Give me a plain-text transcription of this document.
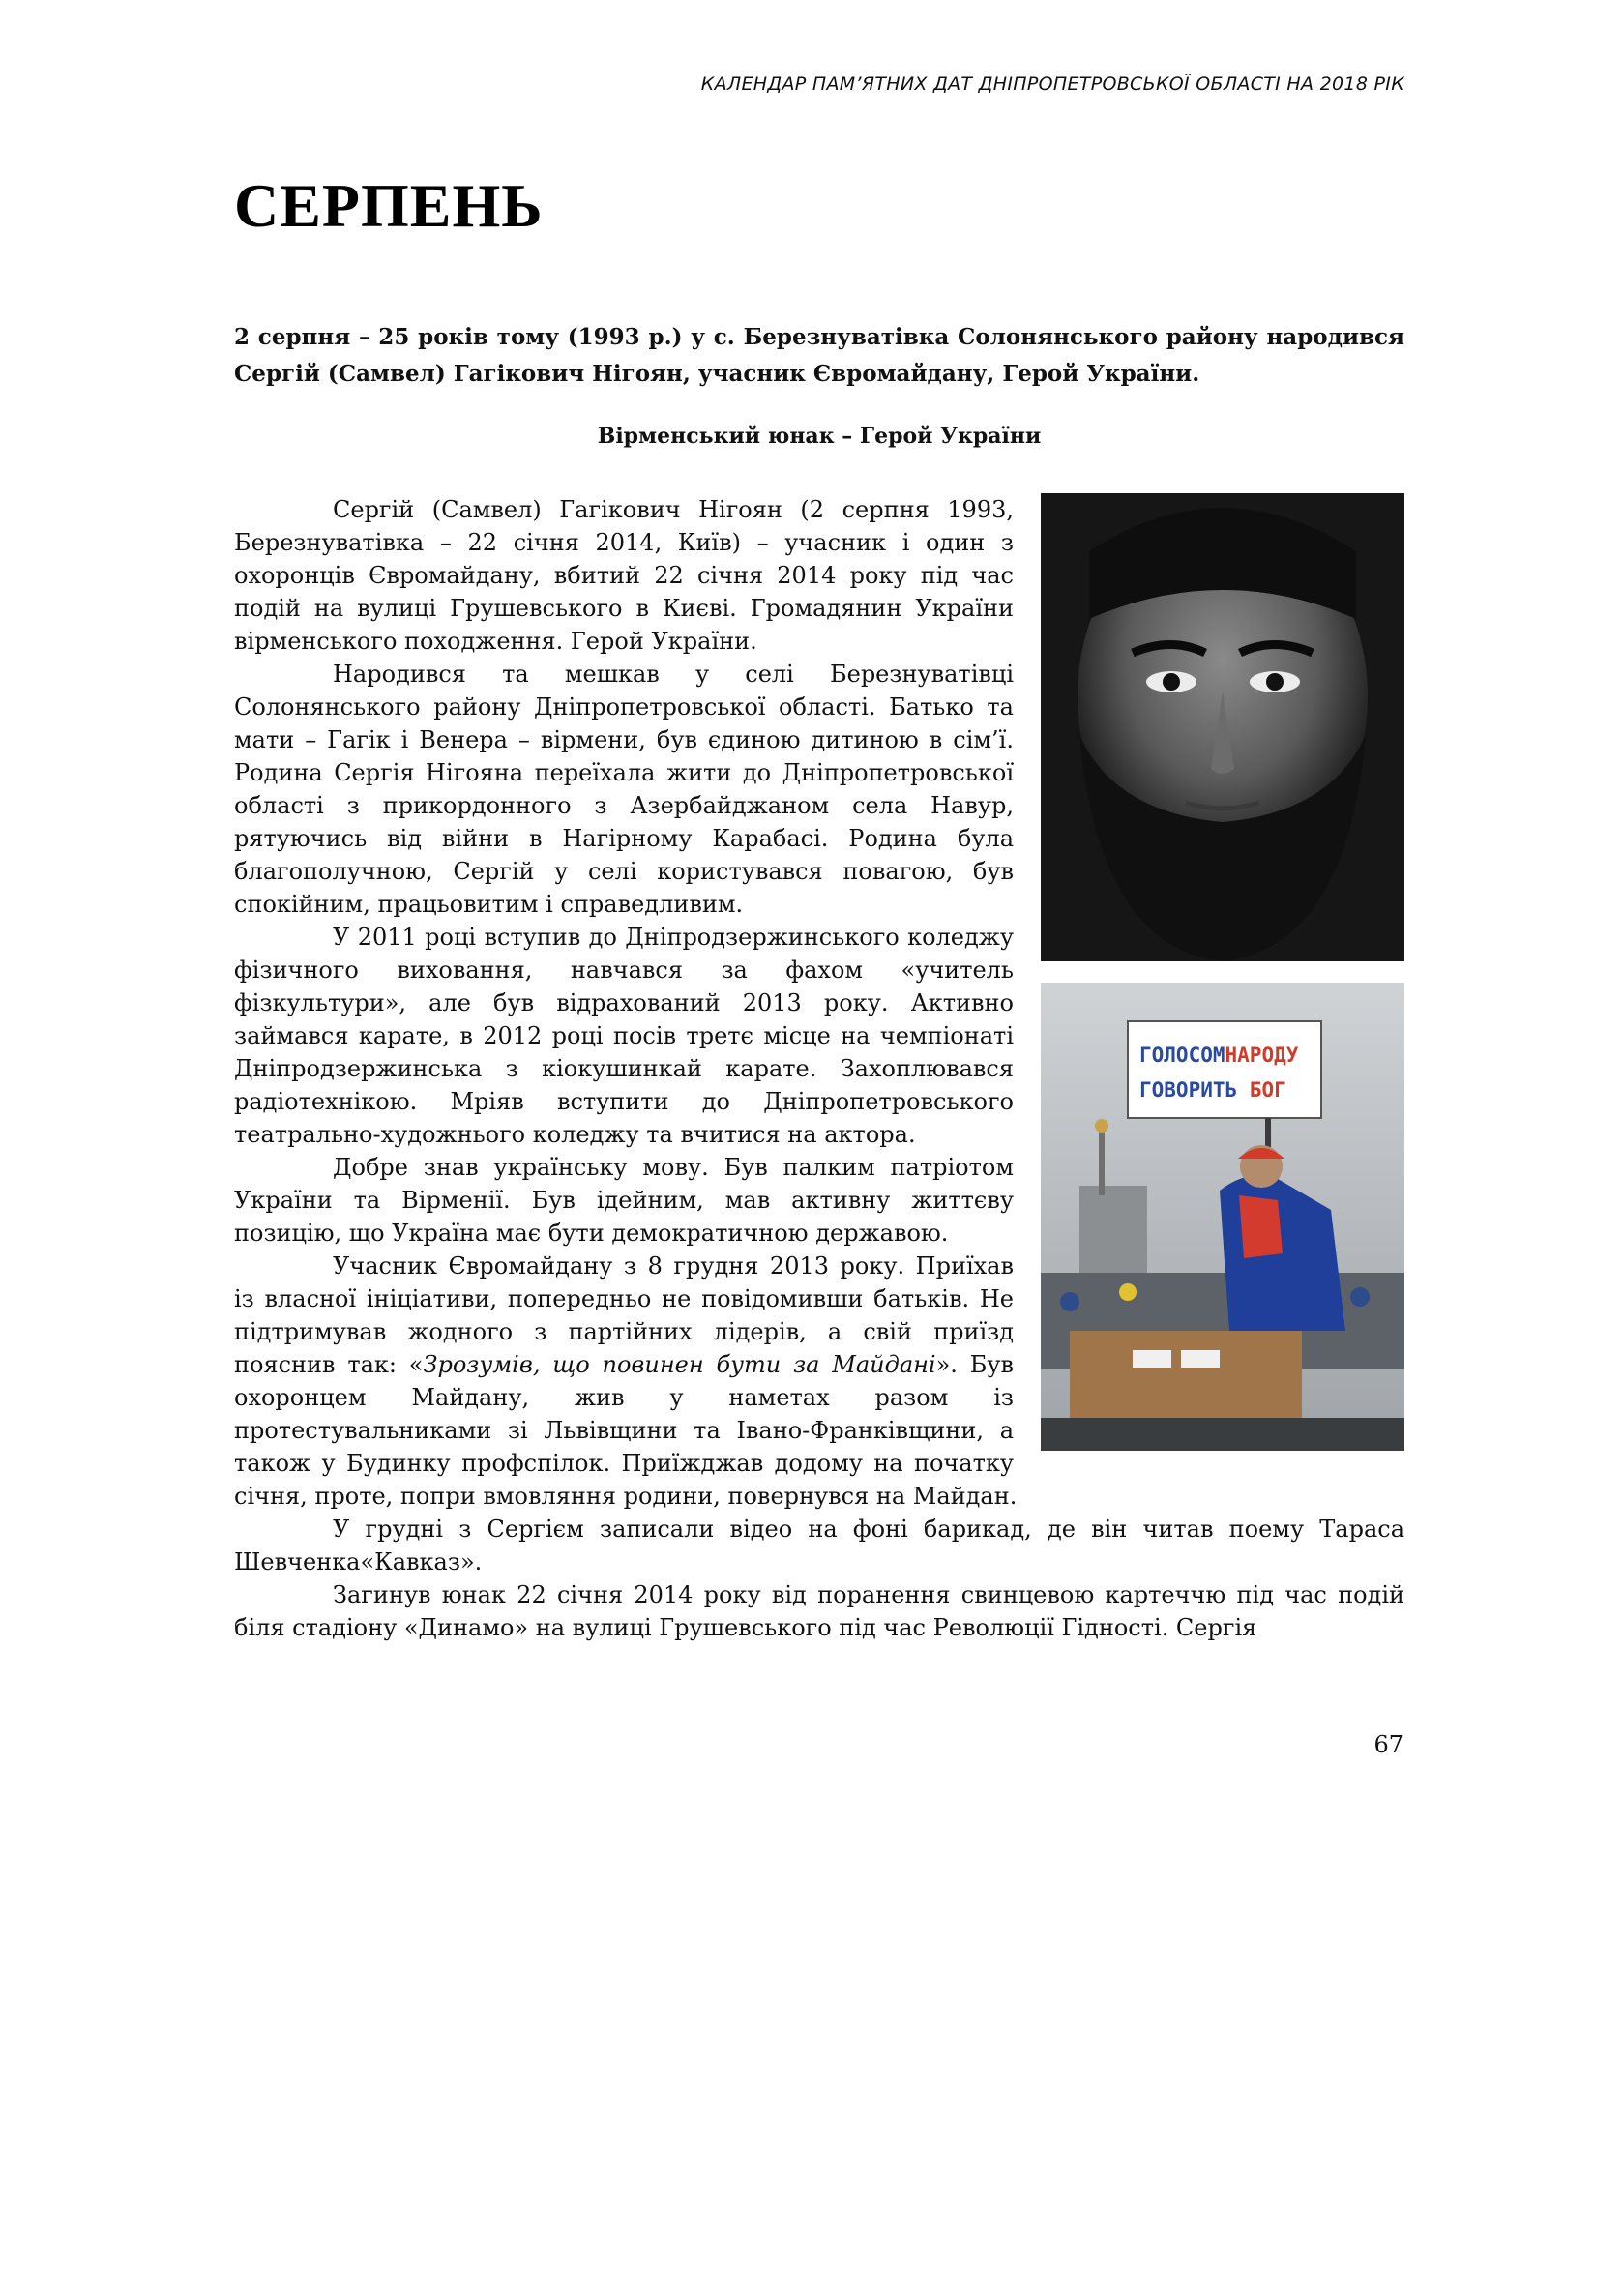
КАЛЕНДАР ПАМ’ЯТНИХ ДАТ ДНІПРОПЕТРОВСЬКОЇ ОБЛАСТІ НА 2018 РІК
СЕРПЕНЬ

2 серпня – 25 років тому (1993 р.) у с. Березнуватівка Солонянського району народився Сергій (Самвел) Гагікович Нігоян, учасник Євромайдану, Герой України.

Вірменський юнак – Герой України

ГОЛОСОМНАРОДУ
ГОВОРИТЬ БОГ

Сергій (Самвел) Гагікович Нігоян (2 серпня 1993, Березнуватівка – 22 січня 2014, Київ) – учасник і один з охоронців Євромайдану, вбитий 22 січня 2014 року під час подій на вулиці Грушевського в Києві. Громадянин України вірменського походження. Герой України.

Народився та мешкав у селі Березнуватівці Солонянського району Дніпропетровської області. Батько та мати – Гагік і Венера – вірмени, був єдиною дитиною в сім’ї. Родина Сергія Нігояна переїхала жити до Дніпропетровської області з прикордонного з Азербайджаном села Навур, рятуючись від війни в Нагірному Карабасі. Родина була благополучною, Сергій у селі користувався повагою, був спокійним, працьовитим і справедливим.

У 2011 році вступив до Дніпродзержинського коледжу фізичного виховання, навчався за фахом «учитель фізкультури», але був відрахований 2013 року. Активно займався карате, в 2012 році посів третє місце на чемпіонаті Дніпродзержинська з кіокушинкай карате. Захоплювався радіотехнікою. Мріяв вступити до Дніпропетровського театрально-художнього коледжу та вчитися на актора.

Добре знав українську мову. Був палким патріотом України та Вірменії. Був ідейним, мав активну життєву позицію, що Україна має бути демократичною державою.

Учасник Євромайдану з 8 грудня 2013 року. Приїхав із власної ініціативи, попередньо не повідомивши батьків. Не підтримував жодного з партійних лідерів, а свій приїзд пояснив так: «Зрозумів, що повинен бути за Майдані». Був охоронцем Майдану, жив у наметах разом із протестувальниками зі Львівщини та Івано-Франківщини, а також у Будинку профспілок. Приїжджав додому на початку січня, проте, попри вмовляння родини, повернувся на Майдан.

У грудні з Сергієм записали відео на фоні барикад, де він читав поему Тараса Шевченка«Кавказ».

Загинув юнак 22 січня 2014 року від поранення свинцевою картеччю під час подій біля стадіону «Динамо» на вулиці Грушевського під час Революції Гідності. Сергія

67
